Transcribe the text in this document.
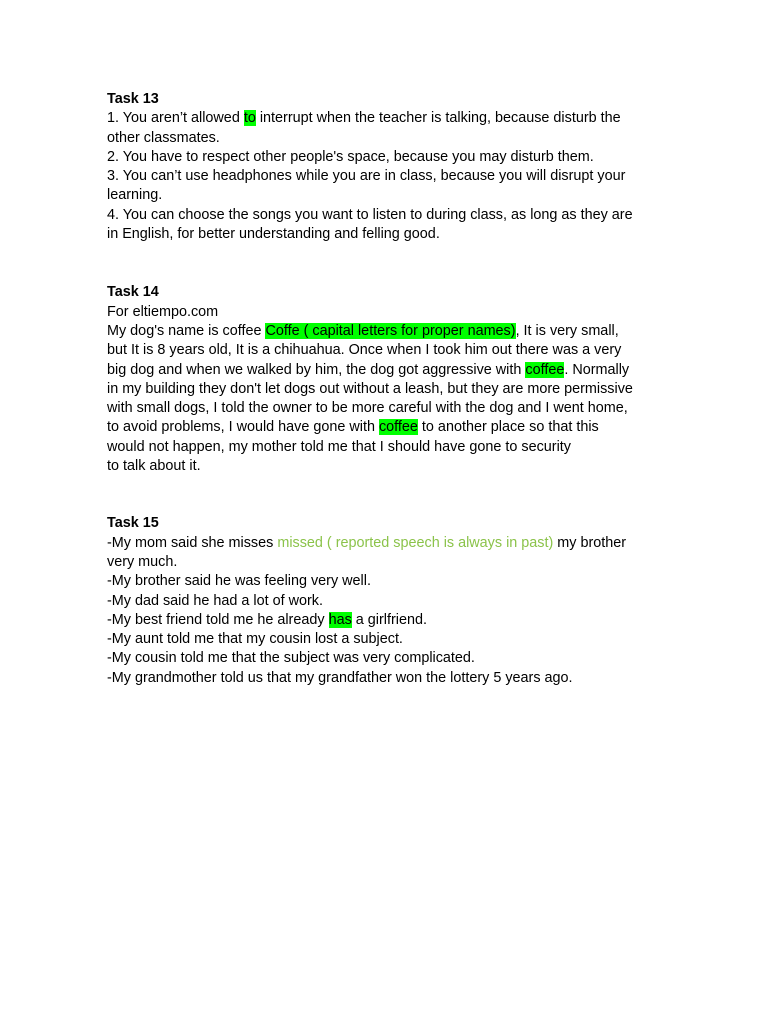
Task 13
1. You aren’t allowed to interrupt when the teacher is talking, because disturb the
other classmates.
2. You have to respect other people's space, because you may disturb them.
3. You can’t use headphones while you are in class, because you will disrupt your
learning.
4. You can choose the songs you want to listen to during class, as long as they are
in English, for better understanding and felling good.
Task 14
For eltiempo.com
My dog's name is coffee Coffe ( capital letters for proper names), It is very small,
but It is 8 years old, It is a chihuahua. Once when I took him out there was a very
big dog and when we walked by him, the dog got aggressive with coffee. Normally
in my building they don't let dogs out without a leash, but they are more permissive
with small dogs, I told the owner to be more careful with the dog and I went home,
to avoid problems, I would have gone with coffee to another place so that this
would not happen, my mother told me that I should have gone to security
to talk about it.
Task 15
-My mom said she misses missed ( reported speech is always in past) my brother
very much.
-My brother said he was feeling very well.
-My dad said he had a lot of work.
-My best friend told me he already has a girlfriend.
-My aunt told me that my cousin lost a subject.
-My cousin told me that the subject was very complicated.
-My grandmother told us that my grandfather won the lottery 5 years ago.
